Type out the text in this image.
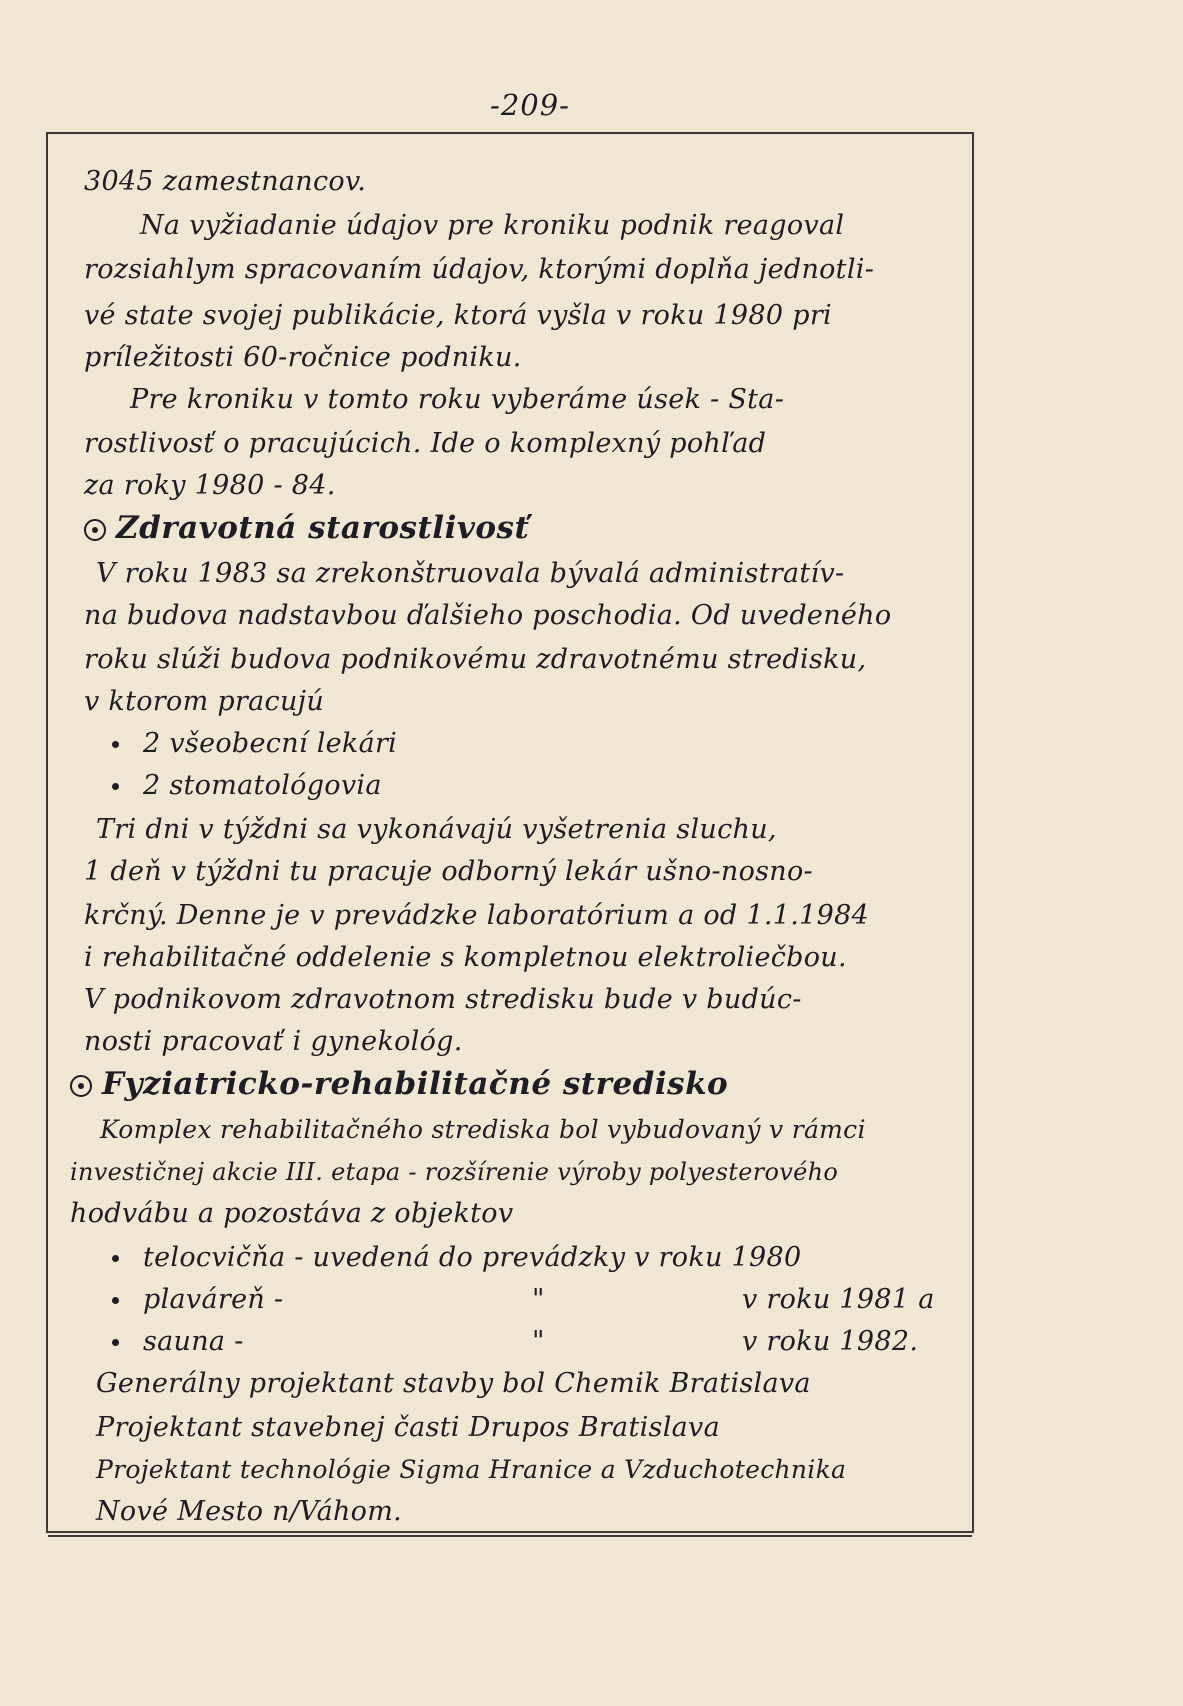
-209-
3045 zamestnancov.
Na vyžiadanie údajov pre kroniku podnik reagoval
rozsiahlym spracovaním údajov, ktorými doplňa jednotli-
vé state svojej publikácie, ktorá vyšla v roku 1980 pri
príležitosti 60-ročnice podniku.
Pre kroniku v tomto roku vyberáme úsek - Sta-
rostlivosť o pracujúcich. Ide o komplexný pohľad
za roky 1980 - 84.
Zdravotná starostlivosť
V roku 1983 sa zrekonštruovala bývalá administratív-
na budova nadstavbou ďalšieho poschodia. Od uvedeného
roku slúži budova podnikovému zdravotnému stredisku,
v ktorom pracujú
2 všeobecní lekári
2 stomatológovia
Tri dni v týždni sa vykonávajú vyšetrenia sluchu,
1 deň v týždni tu pracuje odborný lekár ušno-nosno-
krčný. Denne je v prevádzke laboratórium a od 1.1.1984
i rehabilitačné oddelenie s kompletnou elektroliečbou.
V podnikovom zdravotnom stredisku bude v budúc-
nosti pracovať i gynekológ.
Fyziatricko-rehabilitačné stredisko
Komplex rehabilitačného strediska bol vybudovaný v rámci
investičnej akcie III. etapa - rozšírenie výroby polyesterového
hodvábu a pozostáva z objektov
telocvičňa - uvedená do prevádzky v roku 1980
plaváreň -	"	v roku 1981 a
sauna -	"	v roku 1982.
Generálny projektant stavby bol Chemik Bratislava
Projektant stavebnej časti Drupos Bratislava
Projektant technológie Sigma Hranice a Vzduchotechnika
Nové Mesto n/Váhom.
